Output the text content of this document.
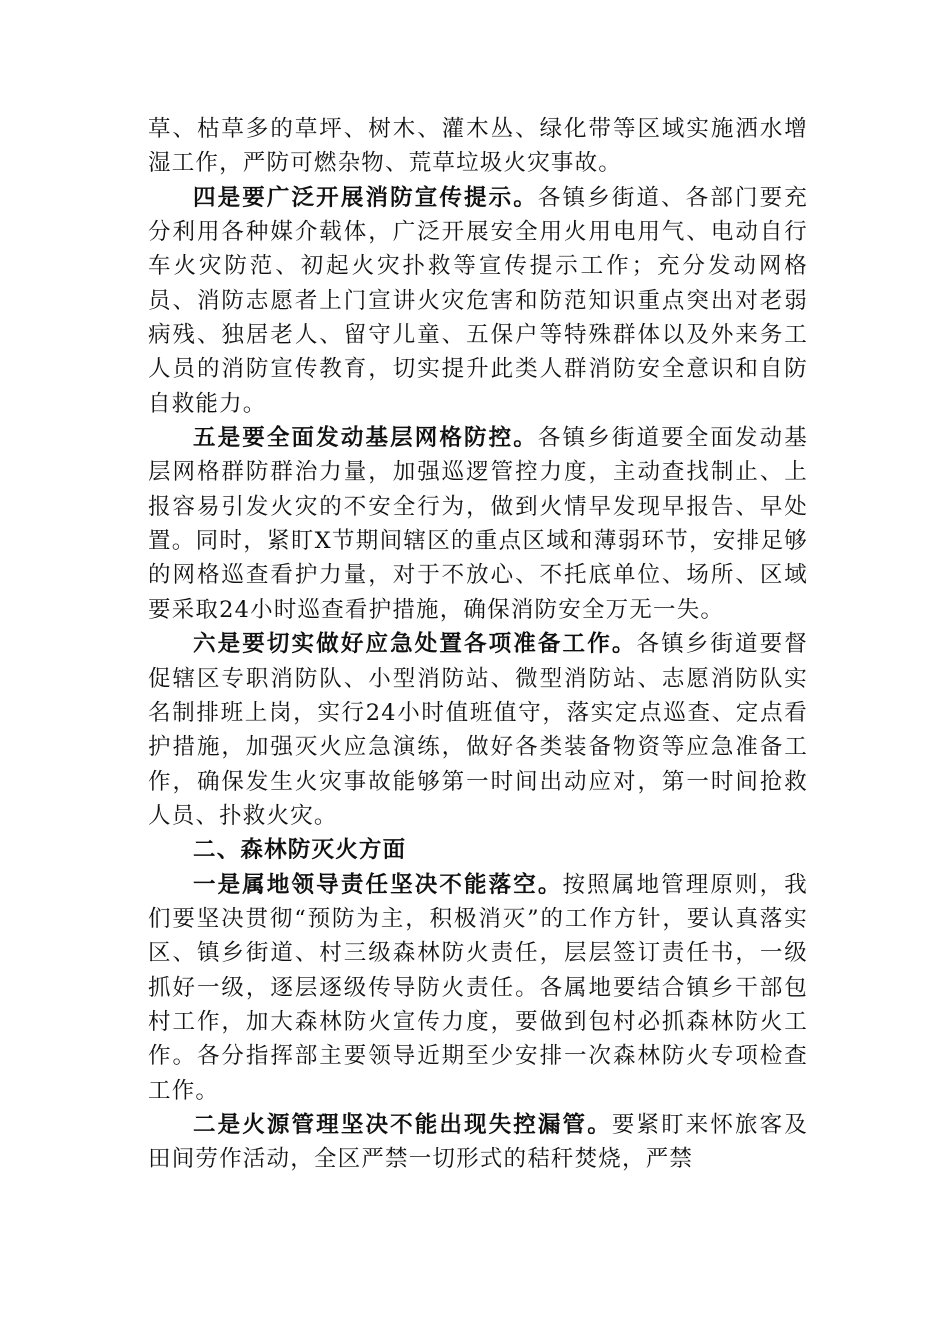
草、枯草多的草坪、树木、灌木丛、绿化带等区域实施洒水增湿工作，严防可燃杂物、荒草垃圾火灾事故。

四是要广泛开展消防宣传提示。各镇乡街道、各部门要充分利用各种媒介载体，广泛开展安全用火用电用气、电动自行车火灾防范、初起火灾扑救等宣传提示工作；充分发动网格员、消防志愿者上门宣讲火灾危害和防范知识重点突出对老弱病残、独居老人、留守儿童、五保户等特殊群体以及外来务工人员的消防宣传教育，切实提升此类人群消防安全意识和自防自救能力。

五是要全面发动基层网格防控。各镇乡街道要全面发动基层网格群防群治力量，加强巡逻管控力度，主动查找制止、上报容易引发火灾的不安全行为，做到火情早发现早报告、早处置。同时，紧盯X节期间辖区的重点区域和薄弱环节，安排足够的网格巡查看护力量，对于不放心、不托底单位、场所、区域要采取24小时巡查看护措施，确保消防安全万无一失。

六是要切实做好应急处置各项准备工作。各镇乡街道要督促辖区专职消防队、小型消防站、微型消防站、志愿消防队实名制排班上岗，实行24小时值班值守，落实定点巡查、定点看护措施，加强灭火应急演练，做好各类装备物资等应急准备工作，确保发生火灾事故能够第一时间出动应对，第一时间抢救人员、扑救火灾。

二、森林防灭火方面

一是属地领导责任坚决不能落空。按照属地管理原则，我们要坚决贯彻“预防为主，积极消灭”的工作方针，要认真落实区、镇乡街道、村三级森林防火责任，层层签订责任书，一级抓好一级，逐层逐级传导防火责任。各属地要结合镇乡干部包村工作，加大森林防火宣传力度，要做到包村必抓森林防火工作。各分指挥部主要领导近期至少安排一次森林防火专项检查工作。

二是火源管理坚决不能出现失控漏管。要紧盯来怀旅客及田间劳作活动，全区严禁一切形式的秸秆焚烧，严禁
